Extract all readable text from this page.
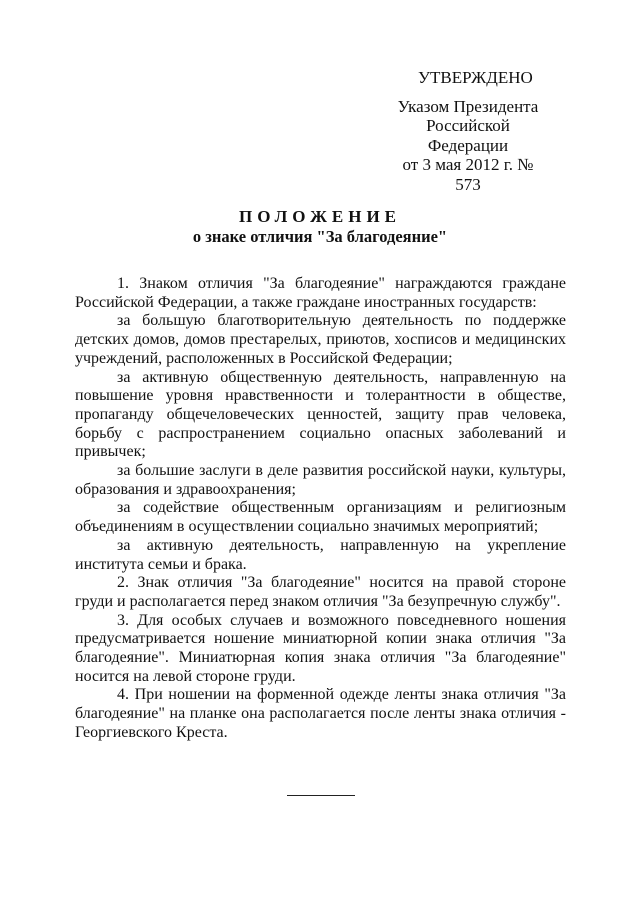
УТВЕРЖДЕНО
Указом Президента
Российской Федерации
от 3 мая 2012 г. № 573
ПОЛОЖЕНИЕ
о знаке отличия "За благодеяние"

1. Знаком отличия "За благодеяние" награждаются граждане Российской Федерации, а также граждане иностранных государств:

за большую благотворительную деятельность по поддержке детских домов, домов престарелых, приютов, хосписов и медицинских учреждений, расположенных в Российской Федерации;

за активную общественную деятельность, направленную на повышение уровня нравственности и толерантности в обществе, пропаганду общечеловеческих ценностей, защиту прав человека, борьбу с распространением социально опасных заболеваний и привычек;

за большие заслуги в деле развития российской науки, культуры, образования и здравоохранения;

за содействие общественным организациям и религиозным объединениям в осуществлении социально значимых мероприятий;

за активную деятельность, направленную на укрепление института семьи и брака.

2. Знак отличия "За благодеяние" носится на правой стороне груди и располагается перед знаком отличия "За безупречную службу".

3. Для особых случаев и возможного повседневного ношения предусматривается ношение миниатюрной копии знака отличия "За благодеяние". Миниатюрная копия знака отличия "За благодеяние" носится на левой стороне груди.

4. При ношении на форменной одежде ленты знака отличия "За благодеяние" на планке она располагается после ленты знака отличия - Георгиевского Креста.
